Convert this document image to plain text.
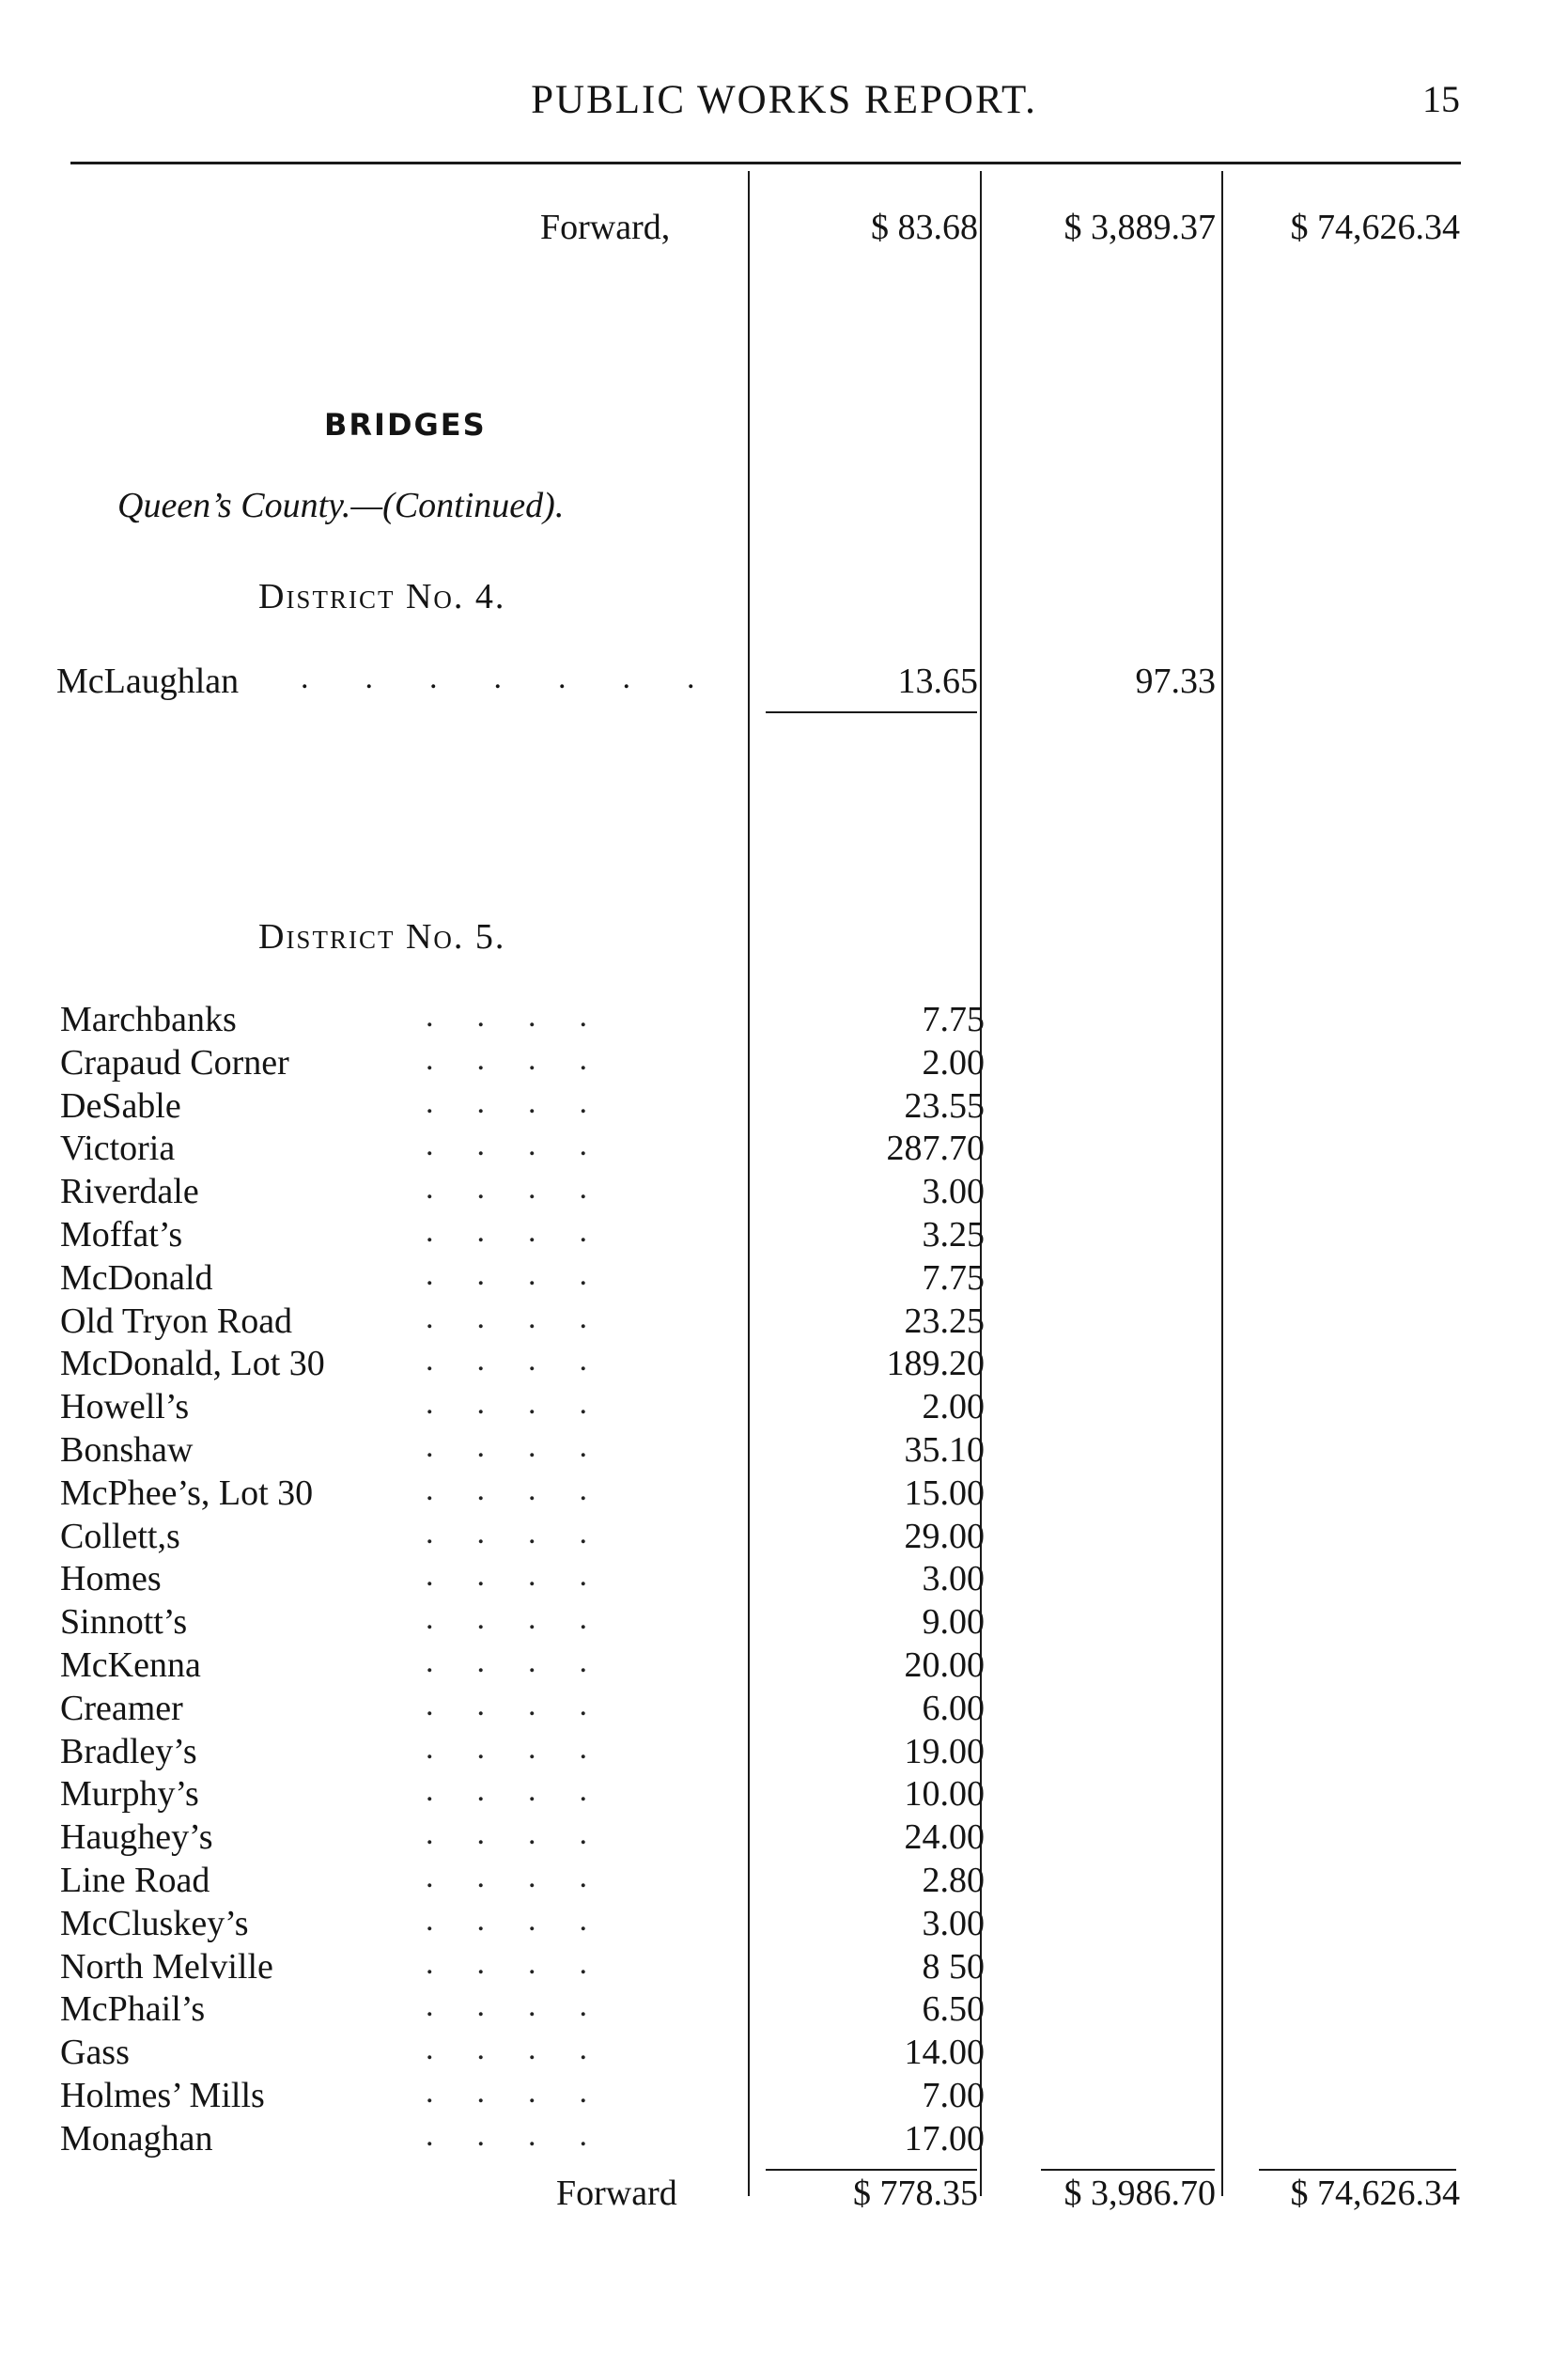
PUBLIC WORKS REPORT.	15
Forward,	$ 83.68 $ 3,889.37 $ 74,626.34
BRIDGES
Queen’s County.—(Continued).
District No. 4.
McLaughlan .......	13.65	97.33
District No. 5.
Marchbanks	....	7.75
Crapaud Corner	....	2.00
DeSable	....	23.55
Victoria	....	287.70
Riverdale	....	3.00
Moffat’s	....	3.25
McDonald	....	7.75
Old Tryon Road	....	23.25
McDonald, Lot 30	....	189.20
Howell’s	....	2.00
Bonshaw	....	35.10
McPhee’s, Lot 30	....	15.00
Collett,s	....	29.00
Homes	....	3.00
Sinnott’s	....	9.00
McKenna	....	20.00
Creamer	....	6.00
Bradley’s	....	19.00
Murphy’s	....	10.00
Haughey’s	....	24.00
Line Road	....	2.80
McCluskey’s	....	3.00
North Melville	....	8 50
McPhail’s	....	6.50
Gass	....	14.00
Holmes’ Mills	....	7.00
Monaghan	....	17.00
Forward	$ 778.35 $ 3,986.70 $ 74,626.34
